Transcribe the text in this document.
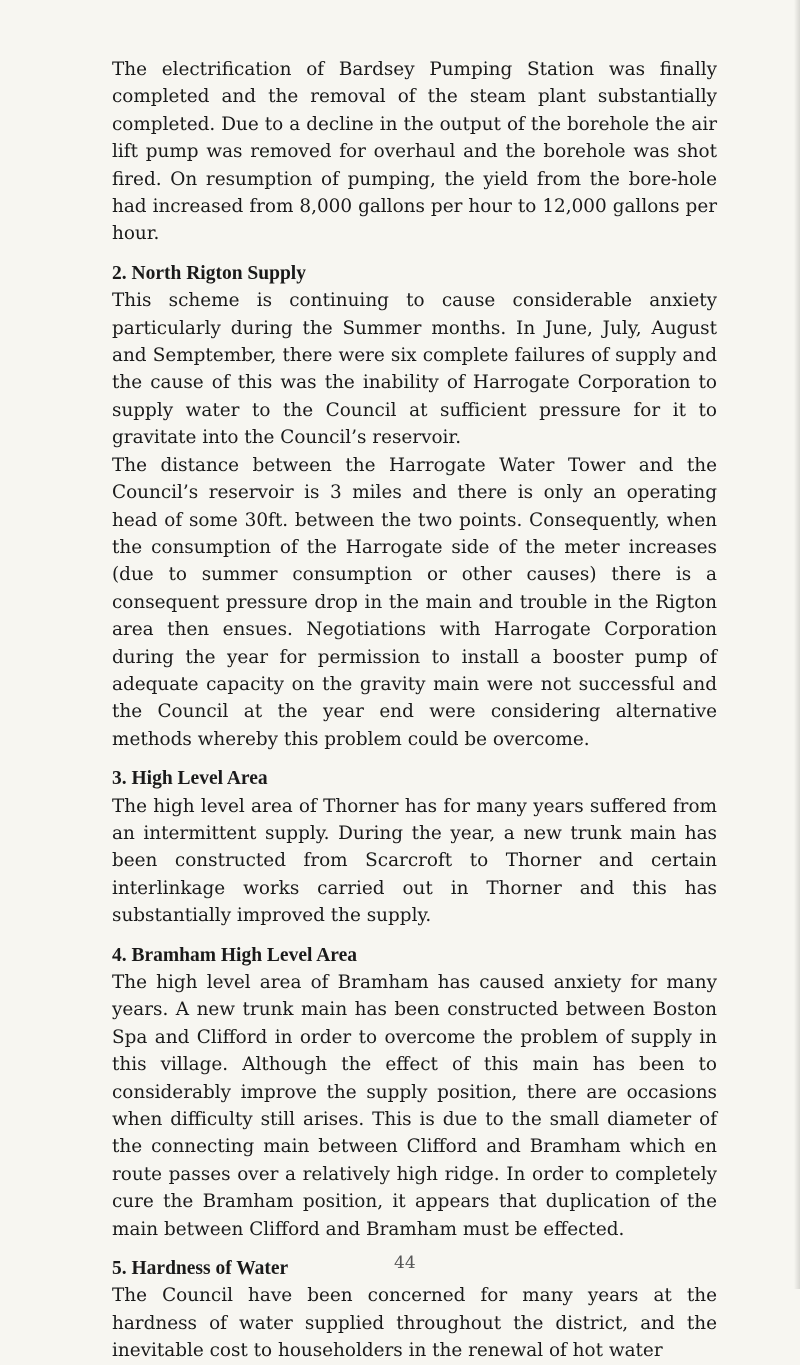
The electrification of Bardsey Pumping Station was finally completed and the removal of the steam plant substantially completed. Due to a decline in the output of the borehole the air lift pump was removed for overhaul and the borehole was shot fired. On resumption of pumping, the yield from the bore-hole had increased from 8,000 gallons per hour to 12,000 gallons per hour.

2. North Rigton Supply

This scheme is continuing to cause considerable anxiety particularly during the Summer months. In June, July, August and Semptember, there were six complete failures of supply and the cause of this was the inability of Harrogate Corporation to supply water to the Council at sufficient pressure for it to gravitate into the Council’s reservoir.

The distance between the Harrogate Water Tower and the Council’s reservoir is 3 miles and there is only an operating head of some 30ft. between the two points. Consequently, when the consumption of the Harrogate side of the meter increases (due to summer consumption or other causes) there is a consequent pressure drop in the main and trouble in the Rigton area then ensues. Negotiations with Harrogate Corporation during the year for permission to install a booster pump of adequate capacity on the gravity main were not successful and the Council at the year end were considering alternative methods whereby this problem could be overcome.

3. High Level Area

The high level area of Thorner has for many years suffered from an intermittent supply. During the year, a new trunk main has been constructed from Scarcroft to Thorner and certain interlinkage works carried out in Thorner and this has substantially improved the supply.

4. Bramham High Level Area

The high level area of Bramham has caused anxiety for many years. A new trunk main has been constructed between Boston Spa and Clifford in order to overcome the problem of supply in this village. Although the effect of this main has been to considerably improve the supply position, there are occasions when difficulty still arises. This is due to the small diameter of the connecting main between Clifford and Bramham which en route passes over a relatively high ridge. In order to completely cure the Bramham position, it appears that duplication of the main between Clifford and Bramham must be effected.

5. Hardness of Water

The Council have been concerned for many years at the hardness of water supplied throughout the district, and the inevitable cost to householders in the renewal of hot water

44
